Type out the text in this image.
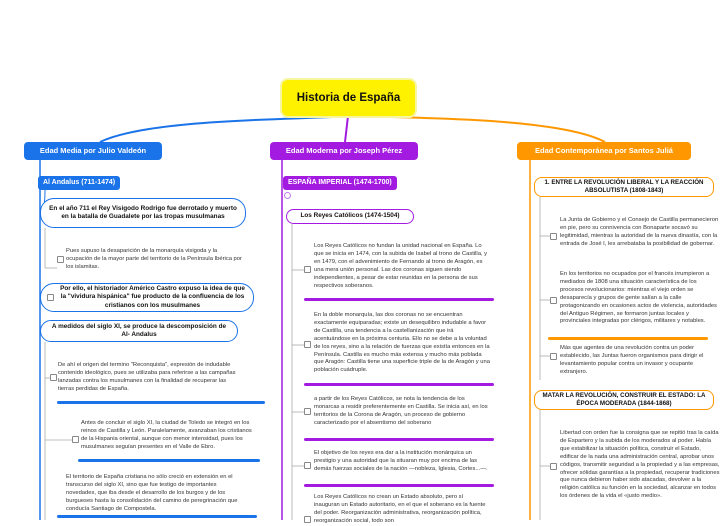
Historia de España
Edad Media por Julio Valdeón
Al Andalus (711-1474)
En el año 711 el Rey Visigodo Rodrigo fue derrotado y muerto en la batalla de Guadalete por las tropas musulmanas
Pues supuso la desaparición de la monarquía visigoda y la ocupación de la mayor parte del territorio de la Península Ibérica por los islamitas.
Por ello, el historiador Américo Castro expuso la idea de que la "vividura hispánica" fue producto de la confluencia de los cristianos con los musulmanes
A medidos del siglo XI, se produce la descomposición de Al- Andalus
De ahí el origen del termino "Reconquista", expresión de indudable contenido ideológico, pues se utilizaba para referirse a las campañas lanzadas contra los musulmanes con la finalidad de recuperar las tierras perdidas de España.
Antes de concluir el siglo XI, la ciudad de Toledo se integró en los reinos de Castilla y León. Paralelamente, avanzaban los cristianos de la Hispania oriental, aunque con menor intensidad, pues los musulmanes seguían presentes en el Valle de Ebro.
El territorio de España cristiana no sólo creció en extensión en el transcurso del siglo XI, sino que fue testigo de importantes novedades, que iba desde el desarrollo de los burgos y de los burgueses hasta la consolidación del camino de peregrinación que conducía Santiago de Compostela.
Edad Moderna por Joseph Pérez
ESPAÑA IMPERIAL (1474-1700)
Los Reyes Católicos (1474-1504)
Los Reyes Católicos no fundan la unidad nacional en España. Lo que se inicia en 1474, con la subida de Isabel al trono de Castilla, y en 1479, con el advenimiento de Fernando al trono de Aragón, es una mera unión personal. Las dos coronas siguen siendo independientes, a pesar de estar reunidas en la persona de sus respectivos soberanos.
En la doble monarquía, las dos coronas no se encuentran exactamente equiparadas; existe un desequilibro indudable a favor de Castilla, una tendencia a la castellanización que irá acentuándose en la próxima centuria. Ello no se debe a la voluntad de los reyes, sino a la relación de fuerzas que existía entonces en la Península. Castilla es mucho más extensa y mucho más poblada que Aragón: Castilla tiene una superficie triple de la de Aragón y una población cuádruple.
a partir de los Reyes Católicos, se nota la tendencia de los monarcas a residir preferentemente en Castilla. Se inicia así, en los territorios de la Corona de Aragón, un proceso de gobierno caracterizado por el absentismo del soberano
El objetivo de los reyes era dar a la institución monárquica un prestigio y una autoridad que la situaran muy por encima de las demás fuerzas sociales de la nación —nobleza, Iglesia, Cortes...—.
Los Reyes Católicos no crean un Estado absoluto, pero sí inauguran un Estado autoritario, en el que el soberano es la fuente del poder. Reorganización administrativa, reorganización política, reorganización social, todo son
Edad Contemporánea por Santos Juliá
1. ENTRE LA REVOLUCIÓN LIBERAL Y LA REACCIÓN ABSOLUTISTA (1808-1843)
La Junta de Gobierno y el Consejo de Castilla permanecieron en pie, pero su connivencia con Bonaparte socavó su legitimidad, mientras la autoridad de la nueva dinastía, con la entrada de José I, les arrebataba la posibilidad de gobernar.
En los territorios no ocupados por el francés irrumpieron a mediados de 1808 una situación característica de los procesos revolucionarios: mientras el viejo orden se desaparecía y grupos de gente salían a la calle protagonizando en ocasiones actos de violencia, autoridades del Antiguo Régimen, se formaron juntas locales y provinciales integradas por clérigos, militares y notables.
Más que agentes de una revolución contra un poder establecido, las Juntas fueron organismos para dirigir el levantamiento popular contra un invasor y ocupante extranjero.
MATAR LA REVOLUCIÓN, CONSTRUIR EL ESTADO: LA ÉPOCA MODERADA (1844-1868)
Libertad con orden fue la consigna que se repitió tras la caída de Espartero y la subida de los moderados al poder. Había que estabilizar la situación política, construir el Estado, edificar de la nada una administración central, aprobar unos códigos, transmitir seguridad a la propiedad y a las empresas, ofrecer sólidas garantías a la propiedad, recuperar tradiciones que nunca debieron haber sido atacadas, devolver a la religión católica su función en la sociedad, alcanzar en todos los órdenes de la vida el «justo medio».
